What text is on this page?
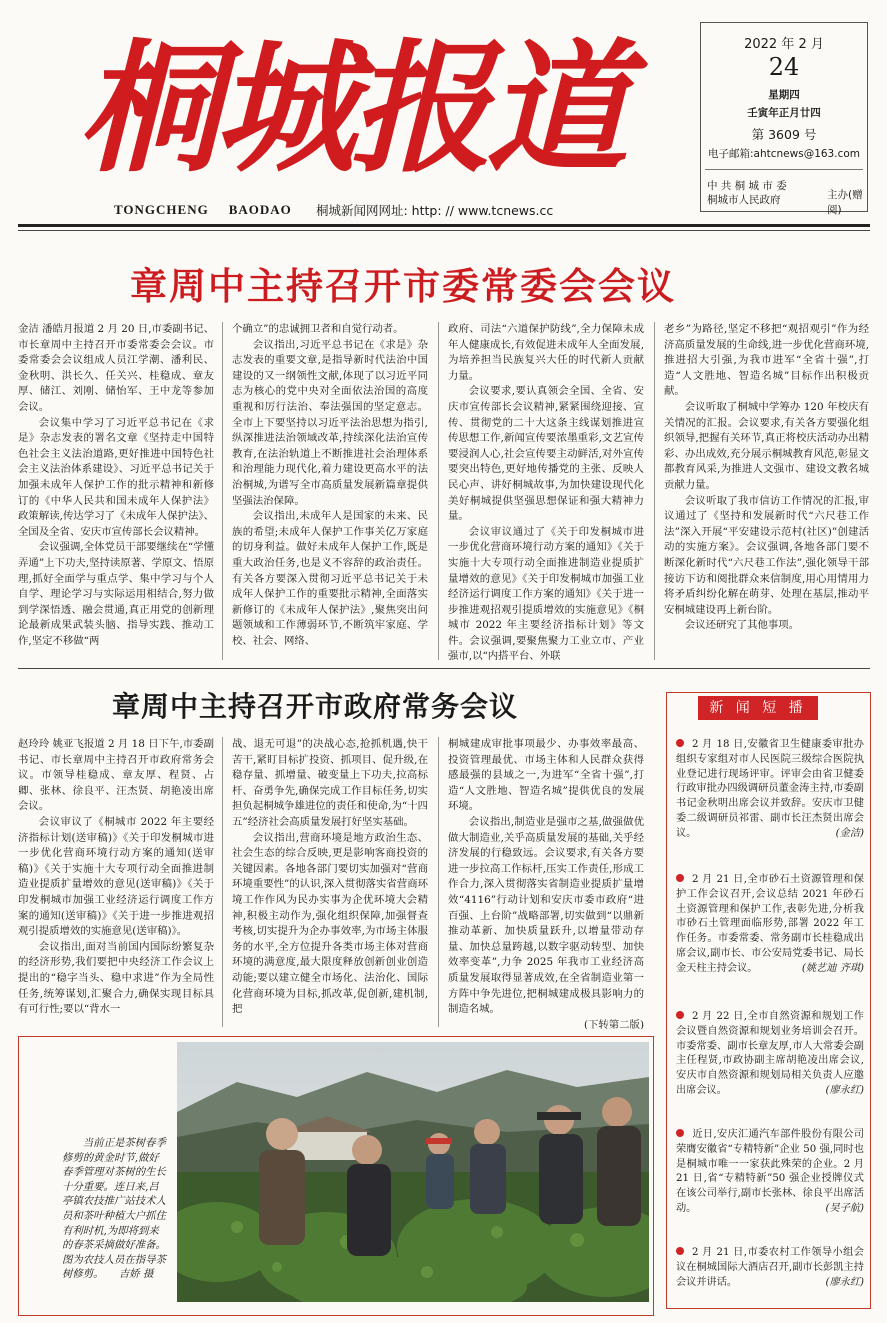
桐城报道
TONGCHENG BAODAO 桐城新闻网网址: http: // www.tcnews.cc
2022 年 2 月
24
星期四
壬寅年正月廿四
第 3609 号
电子邮箱:ahtcnews@163.com
中 共 桐 城 市 委
桐城市人民政府	主办(赠阅)
章周中主持召开市委常委会会议

金洁 潘皓月报道 2 月 20 日,市委副书记、市长章周中主持召开市委常委会会议。市委常委会会议组成人员江学潮、潘利民、金秋明、洪长久、任关兴、桂稳成、章友厚、储江、刘刚、储怡军、王中龙等参加会议。

会议集中学习了习近平总书记在《求是》杂志发表的署名文章《坚持走中国特色社会主义法治道路,更好推进中国特色社会主义法治体系建设》、习近平总书记关于加强未成年人保护工作的批示精神和新修订的《中华人民共和国未成年人保护法》政策解读,传达学习了《未成年人保护法》、全国及全省、安庆市宣传部长会议精神。

会议强调,全体党员干部要继续在“学懂弄通”上下功夫,坚持读原著、学原文、悟原理,抓好全面学与重点学、集中学习与个人自学、理论学习与实际运用相结合,努力做到学深悟透、融会贯通,真正用党的创新理论最新成果武装头脑、指导实践、推动工作,坚定不移做“两

个确立”的忠诚拥卫者和自觉行动者。

会议指出,习近平总书记在《求是》杂志发表的重要文章,是指导新时代法治中国建设的又一纲领性文献,体现了以习近平同志为核心的党中央对全面依法治国的高度重视和厉行法治、奉法强国的坚定意志。全市上下要坚持以习近平法治思想为指引,纵深推进法治领域改革,持续深化法治宣传教育,在法治轨道上不断推进社会治理体系和治理能力现代化,着力建设更高水平的法治桐城,为谱写全市高质量发展新篇章提供坚强法治保障。

会议指出,未成年人是国家的未来、民族的希望;未成年人保护工作事关亿万家庭的切身利益。做好未成年人保护工作,既是重大政治任务,也是义不容辞的政治责任。有关各方要深入贯彻习近平总书记关于未成年人保护工作的重要批示精神,全面落实新修订的《未成年人保护法》,聚焦突出问题领域和工作薄弱环节,不断筑牢家庭、学校、社会、网络、

政府、司法“六道保护防线”,全力保障未成年人健康成长,有效促进未成年人全面发展,为培养担当民族复兴大任的时代新人贡献力量。

会议要求,要认真领会全国、全省、安庆市宣传部长会议精神,紧紧围绕迎接、宣传、贯彻党的二十大这条主线谋划推进宣传思想工作,新闻宣传要浓墨重彩,文艺宣传要浸润人心,社会宣传要主动鲜活,对外宣传要突出特色,更好地传播党的主张、反映人民心声、讲好桐城故事,为加快建设现代化美好桐城提供坚强思想保证和强大精神力量。

会议审议通过了《关于印发桐城市进一步优化营商环境行动方案的通知》《关于实施十大专项行动全面推进制造业提质扩量增效的意见》《关于印发桐城市加强工业经济运行调度工作方案的通知》《关于进一步推进观招观引提质增效的实施意见》《桐城市 2022 年主要经济指标计划》等文件。会议强调,要聚焦聚力工业立市、产业强市,以“内搭平台、外联

老乡”为路径,坚定不移把“观招观引”作为经济高质量发展的生命线,进一步优化营商环境,推进招大引强,为我市进军“全省十强”,打造“人文胜地、智造名城”目标作出积极贡献。

会议听取了桐城中学筹办 120 年校庆有关情况的汇报。会议要求,有关各方要强化组织领导,把握有关环节,真正将校庆活动办出精彩、办出成效,充分展示桐城教育风范,彰显文都教育风采,为推进人文强市、建设文教名城贡献力量。

会议听取了我市信访工作情况的汇报,审议通过了《坚持和发展新时代“六尺巷工作法”深入开展“平安建设示范村(社区)”创建活动的实施方案》。会议强调,各地各部门要不断深化新时代“六尺巷工作法”,强化领导干部接访下访和阅批群众来信制度,用心用情用力将矛盾纠纷化解在萌芽、处理在基层,推动平安桐城建设再上新台阶。

会议还研究了其他事项。

章周中主持召开市政府常务会议

赵玲玲 姚亚飞报道 2 月 18 日下午,市委副书记、市长章周中主持召开市政府常务会议。市领导桂稳成、章友厚、程贤、占卿、张林、徐良平、汪杰贤、胡艳凌出席会议。

会议审议了《桐城市 2022 年主要经济指标计划(送审稿)》《关于印发桐城市进一步优化营商环境行动方案的通知(送审稿)》《关于实施十大专项行动全面推进制造业提质扩量增效的意见(送审稿)》《关于印发桐城市加强工业经济运行调度工作方案的通知(送审稿)》《关于进一步推进观招观引提质增效的实施意见(送审稿)》。

会议指出,面对当前国内国际纷繁复杂的经济形势,我们要把中央经济工作会议上提出的“稳字当头、稳中求进”作为全局性任务,统筹谋划,汇聚合力,确保实现目标具有可行性;要以“背水一

战、退无可退”的决战心态,抢抓机遇,快干苦干,紧盯目标扩投资、抓项目、促升级,在稳存量、抓增量、破变量上下功夫,拉高标杆、奋勇争先,确保完成工作目标任务,切实担负起桐城争雄进位的责任和使命,为“十四五”经济社会高质量发展打好坚实基础。

会议指出,营商环境是地方政治生态、社会生态的综合反映,更是影响客商投资的关键因素。各地各部门要切实加强对“营商环境重要性”的认识,深入贯彻落实省营商环境工作作风为民办实事为企优环境大会精神,积极主动作为,强化组织保障,加强督查考核,切实提升为企办事效率,为市场主体服务的水平,全方位提升各类市场主体对营商环境的满意度,最大限度释放创新创业创造动能;要以建立健全市场化、法治化、国际化营商环境为目标,抓改革,促创新,建机制,把

桐城建成审批事项最少、办事效率最高、投资管理最优、市场主体和人民群众获得感最强的县域之一,为进军“全省十强”,打造“人文胜地、智造名城”提供优良的发展环境。

会议指出,制造业是强市之基,做强做优做大制造业,关乎高质量发展的基础,关乎经济发展的行稳致远。会议要求,有关各方要进一步拉高工作标杆,压实工作责任,形成工作合力,深入贯彻落实省制造业提质扩量增效“4116”行动计划和安庆市委市政府“进百强、上台阶”战略部署,切实做到“以鼎新推动革新、加快质量跃升,以增量带动存量、加快总量跨越,以数字驱动转型、加快效率变革”,力争 2025 年我市工业经济高质量发展取得显著成效,在全省制造业第一方阵中争先进位,把桐城建成极具影响力的制造名城。

(下转第二版)
当前正是茶树春季修剪的黄金时节,做好春季管理对茶树的生长十分重要。连日来,吕亭镇农技推广站技术人员和茶叶种植大户抓住有利时机,为即将到来的春茶采摘做好准备。图为农技人员在指导茶树修剪。 吉娇 摄
新 闻 短 播
2 月 18 日,安徽省卫生健康委审批办组织专家组对市人民医院三级综合医院执业登记进行现场评审。评审会由省卫健委行政审批办四级调研员董金涛主持,市委副书记金秋明出席会议并致辞。安庆市卫健委二级调研员祁雷、副市长汪杰贤出席会议。	(金洁)
2 月 21 日,全市砂石土资源管理和保护工作会议召开,会议总结 2021 年砂石土资源管理和保护工作,表彰先进,分析我市砂石土管理面临形势,部署 2022 年工作任务。市委常委、常务副市长桂稳成出席会议,副市长、市公安局党委书记、局长金天柱主持会议。	(姚艺迪 齐琪)
2 月 22 日,全市自然资源和规划工作会议暨自然资源和规划业务培训会召开。市委常委、副市长章友厚,市人大常委会副主任程贤,市政协副主席胡艳凌出席会议,安庆市自然资源和规划局相关负责人应邀出席会议。	(廖永红)
近日,安庆汇通汽车部件股份有限公司荣膺安徽省“专精特新”企业 50 强,同时也是桐城市唯一一家获此殊荣的企业。2 月 21 日,省“专精特新”50 强企业授牌仪式在该公司举行,副市长张林、徐良平出席活动。	(吴子航)
2 月 21 日,市委农村工作领导小组会议在桐城国际大酒店召开,副市长彭凯主持会议并讲话。	(廖永红)
